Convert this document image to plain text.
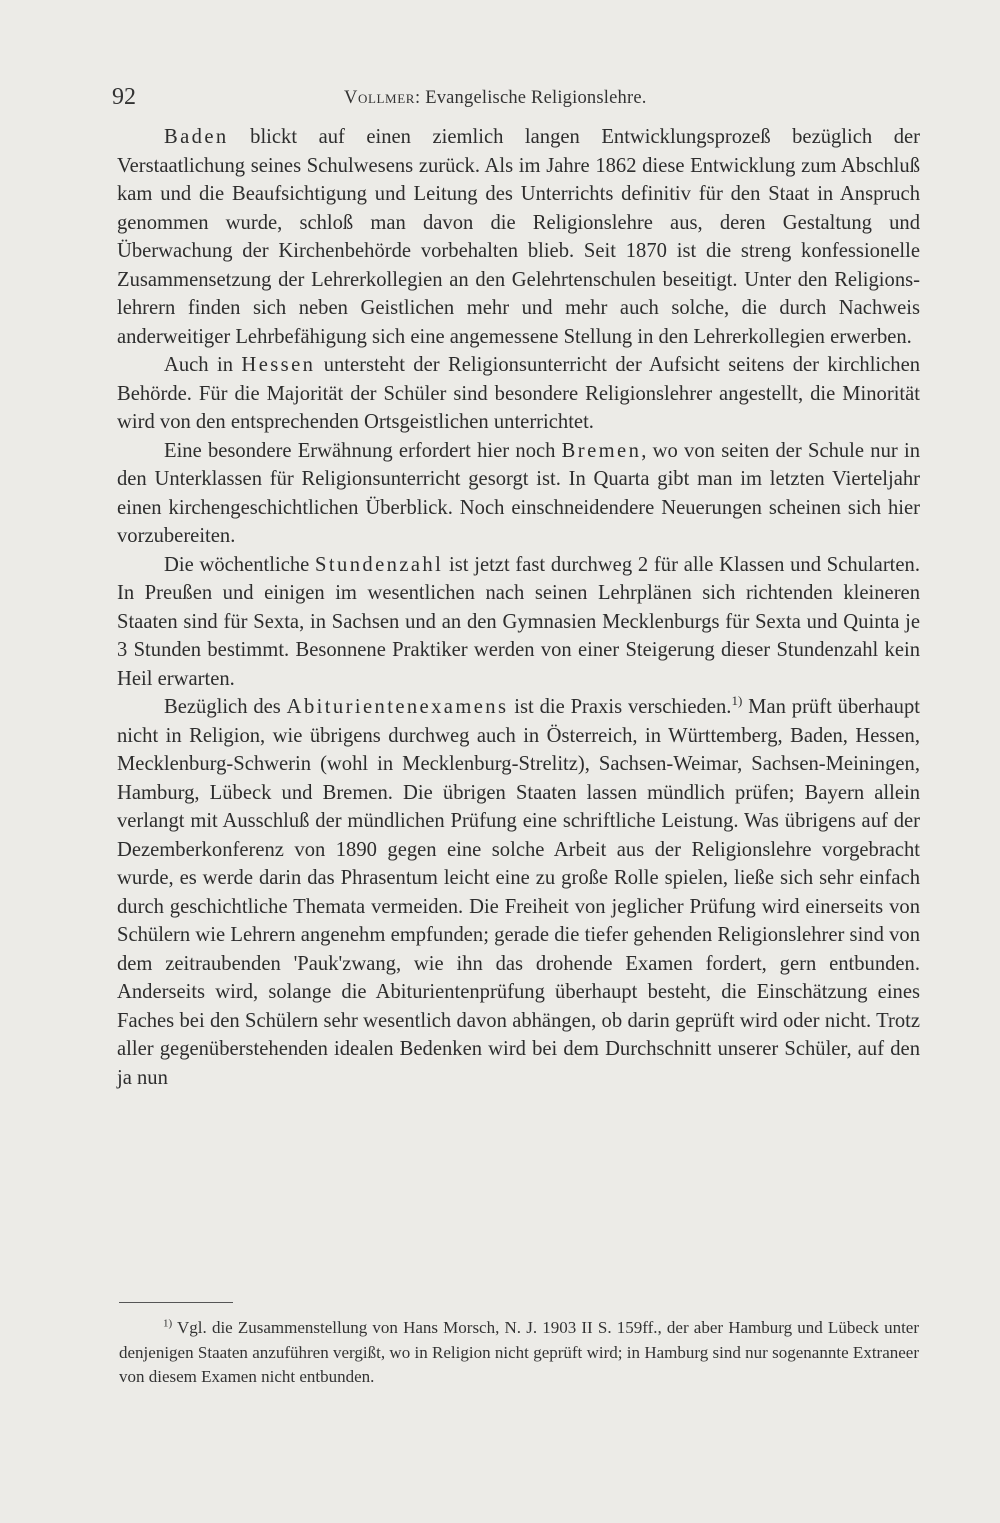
92	Vollmer: Evangelische Religionslehre.

Baden blickt auf einen ziemlich langen Entwicklungsprozeß bezüglich der Verstaatlichung seines Schulwesens zurück. Als im Jahre 1862 diese Entwicklung zum Abschluß kam und die Beaufsichtigung und Leitung des Unterrichts definitiv für den Staat in Anspruch genommen wurde, schloß man davon die Religionslehre aus, deren Gestaltung und Überwachung der Kirchenbehörde vorbehalten blieb. Seit 1870 ist die streng konfessionelle Zusammensetzung der Lehrerkollegien an den Gelehrtenschulen beseitigt. Unter den Religionslehrern finden sich neben Geistlichen mehr und mehr auch solche, die durch Nachweis anderweitiger Lehrbefähigung sich eine angemessene Stellung in den Lehrerkollegien erwerben.

Auch in Hessen untersteht der Religionsunterricht der Aufsicht seitens der kirchlichen Behörde. Für die Majorität der Schüler sind besondere Religionslehrer angestellt, die Minorität wird von den entsprechenden Ortsgeistlichen unterrichtet.

Eine besondere Erwähnung erfordert hier noch Bremen, wo von seiten der Schule nur in den Unterklassen für Religionsunterricht gesorgt ist. In Quarta gibt man im letzten Vierteljahr einen kirchengeschichtlichen Überblick. Noch einschneidendere Neuerungen scheinen sich hier vorzubereiten.

Die wöchentliche Stundenzahl ist jetzt fast durchweg 2 für alle Klassen und Schularten. In Preußen und einigen im wesentlichen nach seinen Lehrplänen sich richtenden kleineren Staaten sind für Sexta, in Sachsen und an den Gymnasien Mecklenburgs für Sexta und Quinta je 3 Stunden bestimmt. Besonnene Praktiker werden von einer Steigerung dieser Stundenzahl kein Heil erwarten.

Bezüglich des Abiturientenexamens ist die Praxis verschieden.$^{1)}$ Man prüft überhaupt nicht in Religion, wie übrigens durchweg auch in Österreich, in Württemberg, Baden, Hessen, Mecklenburg-Schwerin (wohl in Mecklenburg-Strelitz), Sachsen-Weimar, Sachsen-Meiningen, Hamburg, Lübeck und Bremen. Die übrigen Staaten lassen mündlich prüfen; Bayern allein verlangt mit Ausschluß der mündlichen Prüfung eine schriftliche Leistung. Was übrigens auf der Dezemberkonferenz von 1890 gegen eine solche Arbeit aus der Religionslehre vorgebracht wurde, es werde darin das Phrasentum leicht eine zu große Rolle spielen, ließe sich sehr einfach durch geschichtliche Themata vermeiden. Die Freiheit von jeglicher Prüfung wird einerseits von Schülern wie Lehrern angenehm empfunden; gerade die tiefer gehenden Religionslehrer sind von dem zeitraubenden 'Pauk'zwang, wie ihn das drohende Examen fordert, gern entbunden. Anderseits wird, solange die Abiturientenprüfung überhaupt besteht, die Einschätzung eines Faches bei den Schülern sehr wesentlich davon abhängen, ob darin geprüft wird oder nicht. Trotz aller gegenüberstehenden idealen Bedenken wird bei dem Durchschnitt unserer Schüler, auf den ja nun

$^{1)}$ Vgl. die Zusammenstellung von Hans Morsch, N. J. 1903 II S. 159ff., der aber Hamburg und Lübeck unter denjenigen Staaten anzuführen vergißt, wo in Religion nicht geprüft wird; in Hamburg sind nur sogenannte Extraneer von diesem Examen nicht entbunden.
